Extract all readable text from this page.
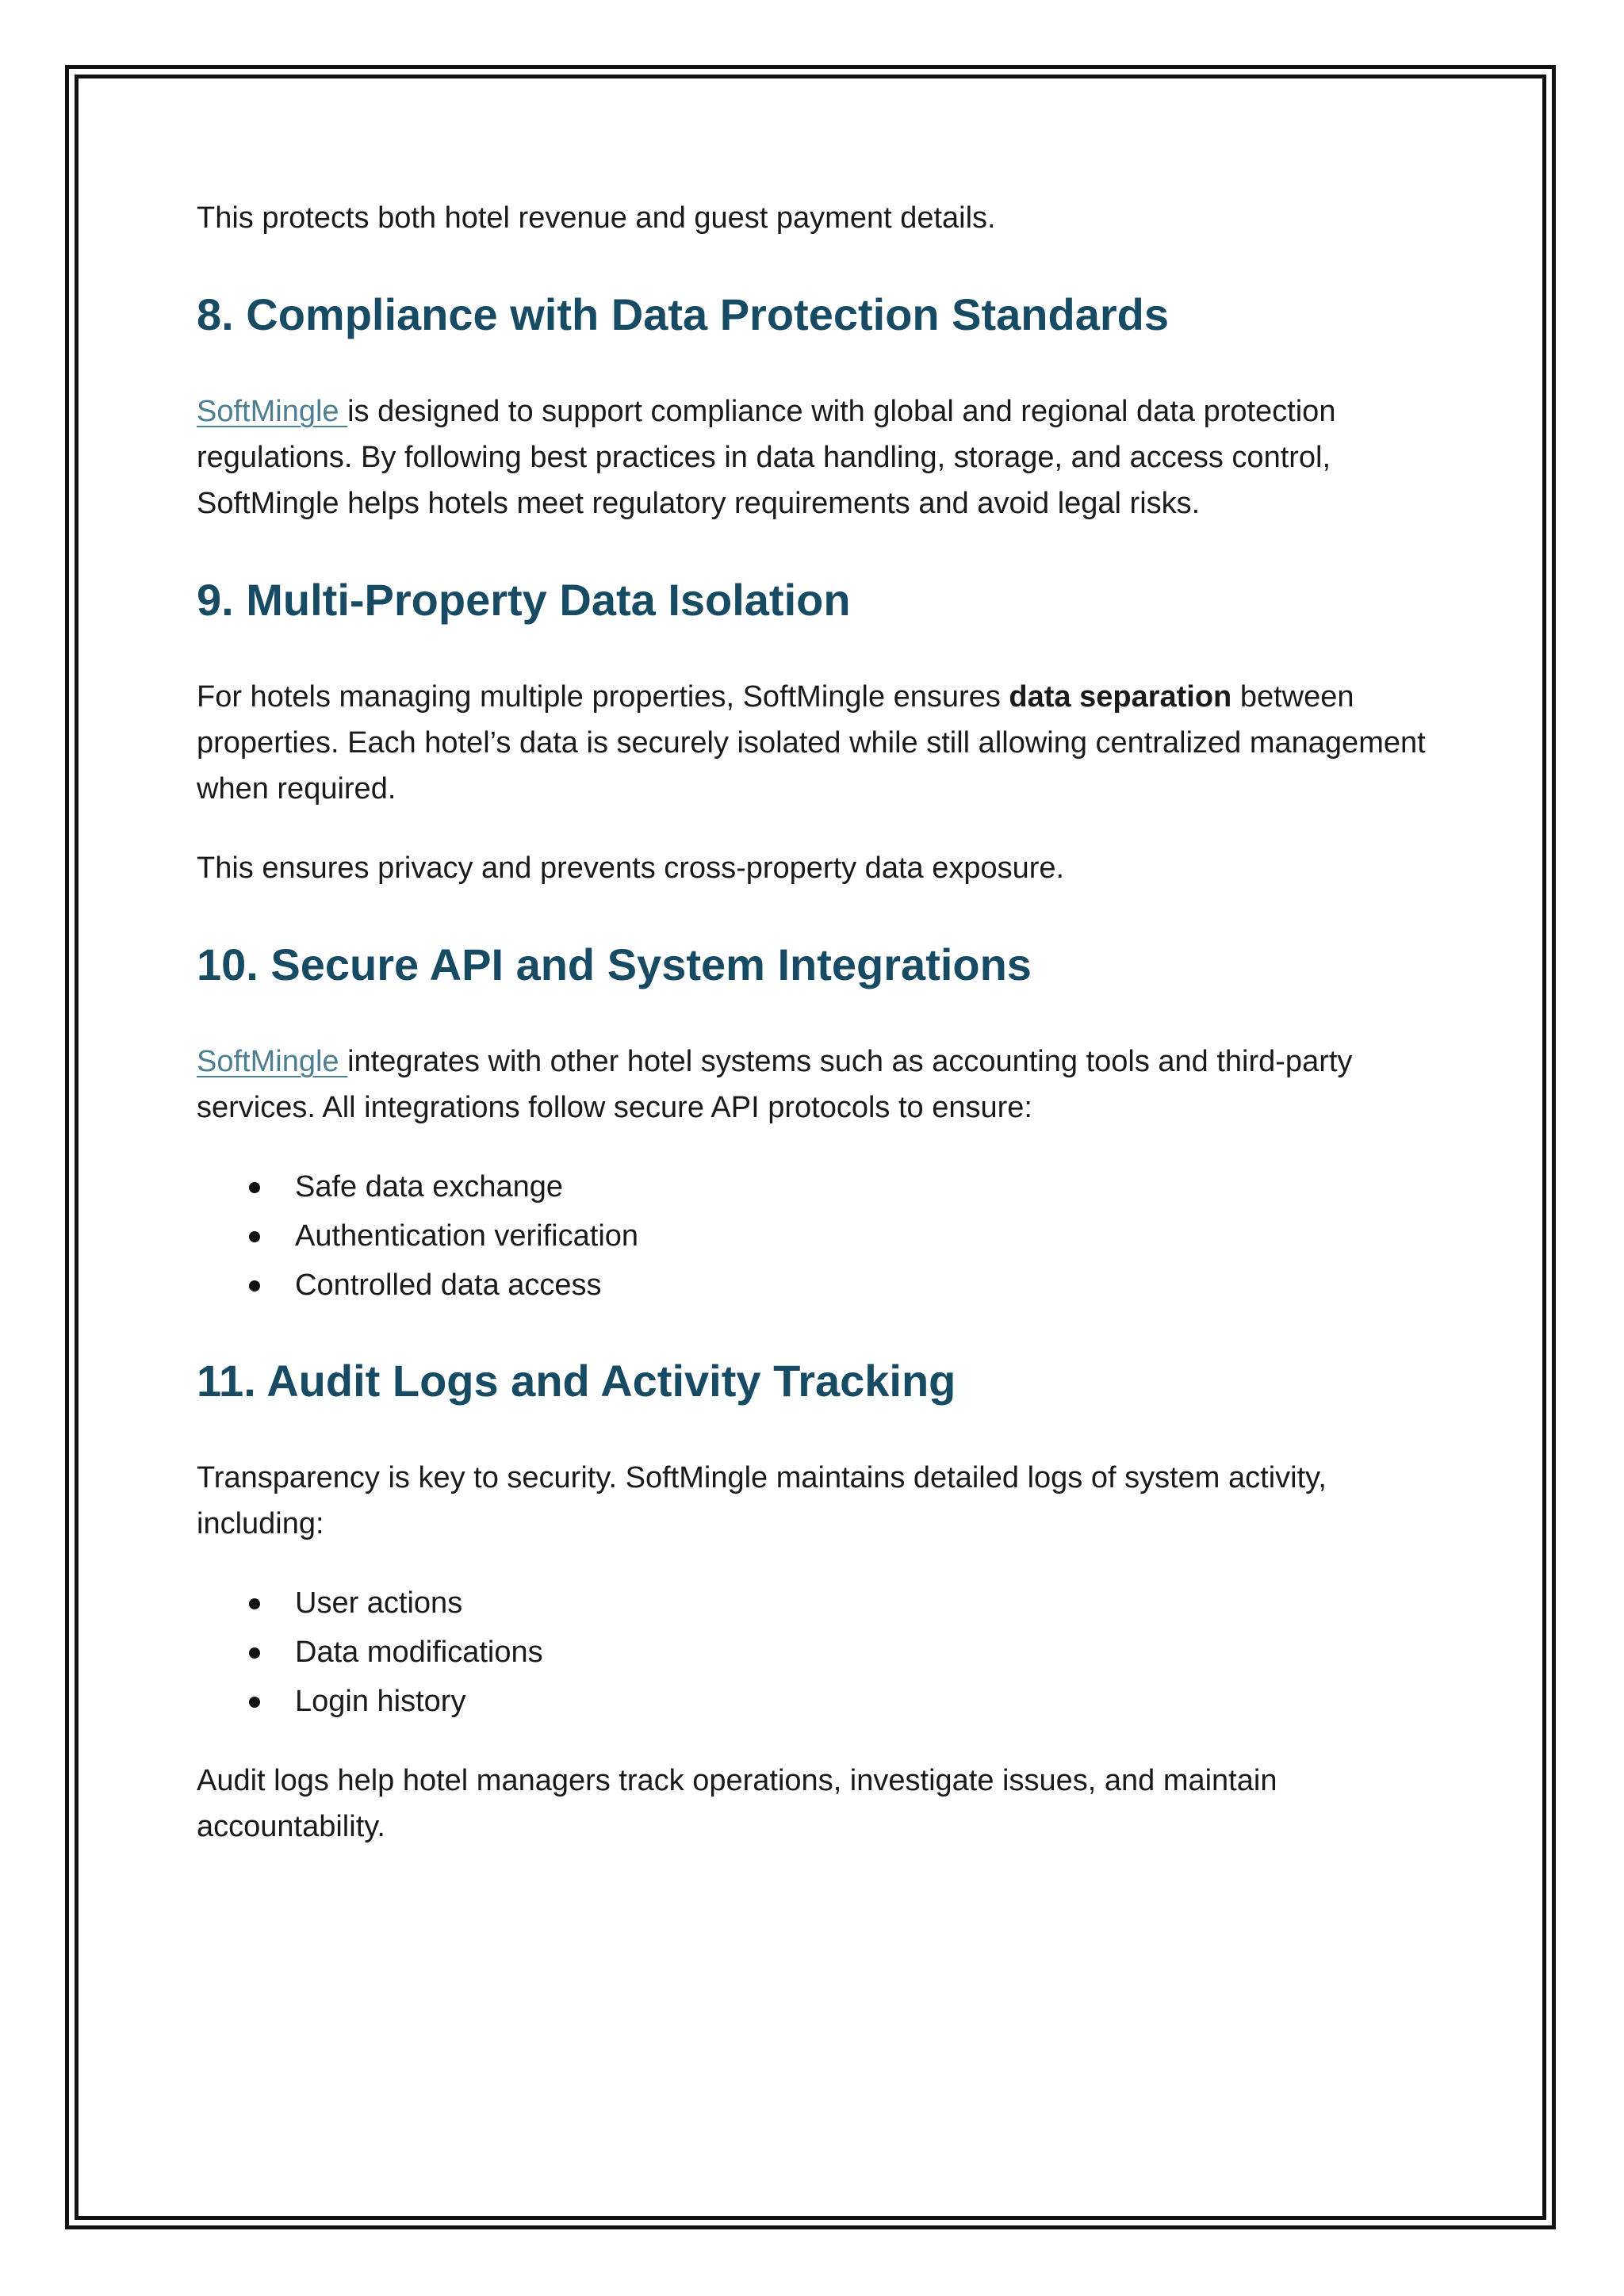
This protects both hotel revenue and guest payment details.

8. Compliance with Data Protection Standards

SoftMingle is designed to support compliance with global and regional data protection regulations. By following best practices in data handling, storage, and access control, SoftMingle helps hotels meet regulatory requirements and avoid legal risks.

9. Multi-Property Data Isolation

For hotels managing multiple properties, SoftMingle ensures data separation between properties. Each hotel’s data is securely isolated while still allowing centralized management when required.

This ensures privacy and prevents cross-property data exposure.

10. Secure API and System Integrations

SoftMingle integrates with other hotel systems such as accounting tools and third-party services. All integrations follow secure API protocols to ensure:

Safe data exchange
Authentication verification
Controlled data access
11. Audit Logs and Activity Tracking

Transparency is key to security. SoftMingle maintains detailed logs of system activity, including:

User actions
Data modifications
Login history

Audit logs help hotel managers track operations, investigate issues, and maintain accountability.
